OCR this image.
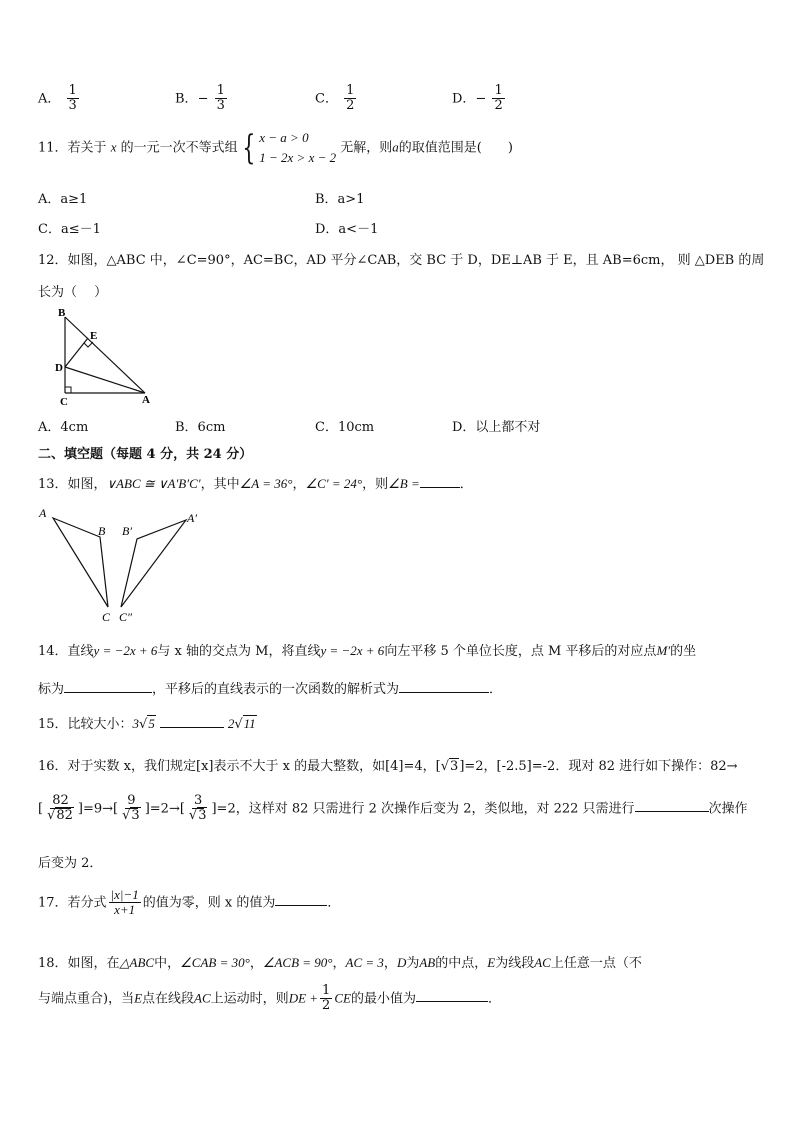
A． $\frac{1}{3}$	B．− $\frac{1}{3}$	C． $\frac{1}{2}$	D．− $\frac{1}{2}$
11．若关于 x 的一元一次不等式组 { x − a > 0
1 − 2x > x − 2
无解，则a的取值范围是(　　)
A．a≥1	B．a>1
C．a≤－1	D．a<－1
12．如图，△ABC 中，∠C=90°，AC=BC，AD 平分∠CAB，交 BC 于 D，DE⊥AB 于 E，且 AB=6cm， 则 △DEB 的周
长为（　 ）
B
E
D
C	A
A．4cm	B．6cm	C．10cm	D．以上都不对
二、填空题（每题 4 分，共 24 分）
13．如图，∨ABC ≅ ∨A′B′C′，其中∠A = 36°，∠C′ = 24°，则∠B =	．
A
B
C
B′
A′
C″
14．直线y = −2x + 6与 x 轴的交点为 M，将直线y = −2x + 6向左平移 5 个单位长度，点 M 平移后的对应点M′的坐
标为	，平移后的直线表示的一次函数的解析式为	．
15．比较大小：3√5	2√11
16．对于实数 x，我们规定[x]表示不大于 x 的最大整数，如[4]=4，[√3]=2，[-2.5]=-2．现对 82 进行如下操作：82→
[ $\frac{82}{√82} ]=9\to[ \frac{9}{√3} ]=2\to[ \frac{3}{√3} ]=2$，这样对 82 只需进行 2 次操作后变为 2，类似地，对 222 只需进行	次操作
后变为 2．
17．若分式 $\frac{|x|-1}{x+1}$ 的值为零，则 x 的值为	．
18．如图，在△ABC中，∠CAB = 30°，∠ACB = 90°，AC = 3，D为AB的中点，E为线段AC上任意一点（不
与端点重合)，当E点在线段AC上运动时，则DE + $\frac{1}{2}$ CE的最小值为	．
